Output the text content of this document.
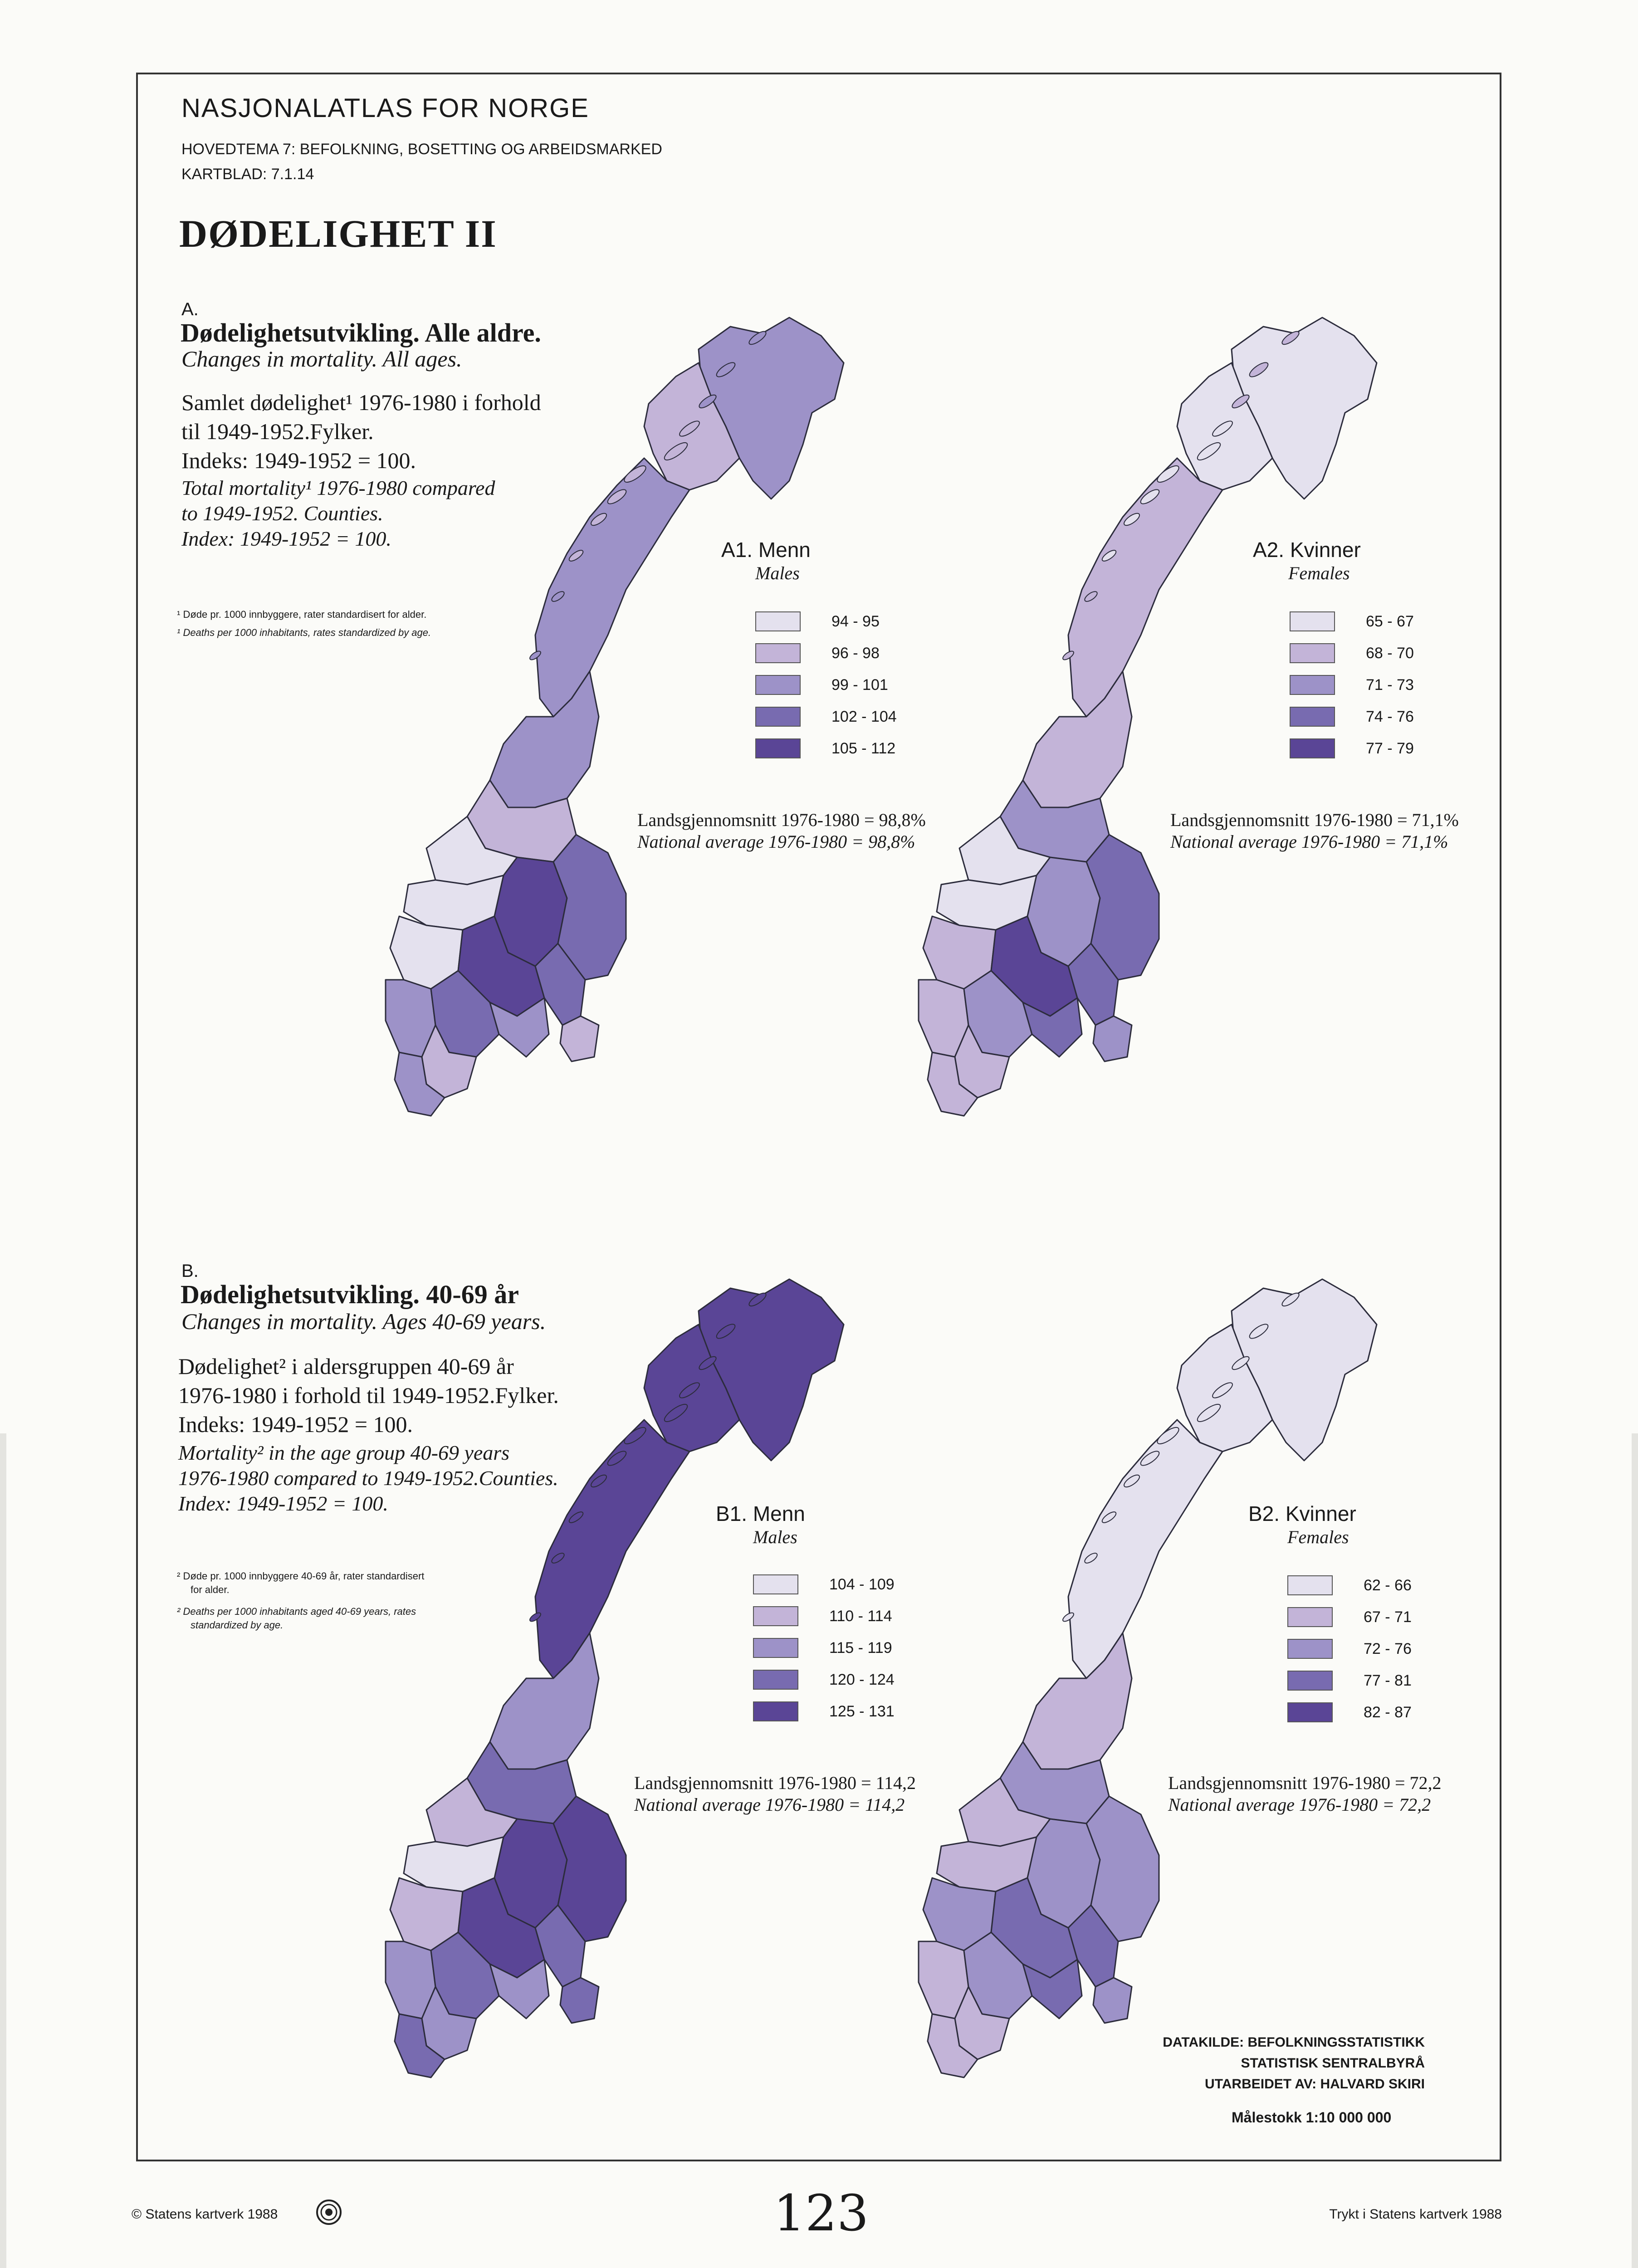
NASJONALATLAS FOR NORGE
HOVEDTEMA 7: BEFOLKNING, BOSETTING OG ARBEIDSMARKED
KARTBLAD: 7.1.14
DØDELIGHET II
A.
Dødelighetsutvikling. Alle aldre.
Changes in mortality. All ages.
Samlet dødelighet¹ 1976-1980 i forhold
til 1949-1952.Fylker.
Indeks: 1949-1952 = 100.
Total mortality¹ 1976-1980 compared
to 1949-1952. Counties.
Index: 1949-1952 = 100.
¹ Døde pr. 1000 innbyggere, rater standardisert for alder.
¹ Deaths per 1000 inhabitants, rates standardized by age.
B.
Dødelighetsutvikling. 40-69 år
Changes in mortality. Ages 40-69 years.
Dødelighet² i aldersgruppen 40-69 år
1976-1980 i forhold til 1949-1952.Fylker.
Indeks: 1949-1952 = 100.
Mortality² in the age group 40-69 years
1976-1980 compared to 1949-1952.Counties.
Index: 1949-1952 = 100.
² Døde pr. 1000 innbyggere 40-69 år, rater standardisert
for alder.
² Deaths per 1000 inhabitants aged 40-69 years, rates
standardized by age.
A1. Menn
Males
94 - 95
96 - 98
99 - 101
102 - 104
105 - 112
Landsgjennomsnitt 1976-1980 = 98,8%
National average 1976-1980 = 98,8%
A2. Kvinner
Females
65 - 67
68 - 70
71 - 73
74 - 76
77 - 79
Landsgjennomsnitt 1976-1980 = 71,1%
National average 1976-1980 = 71,1%
B1. Menn
Males
104 - 109
110 - 114
115 - 119
120 - 124
125 - 131
Landsgjennomsnitt 1976-1980 = 114,2
National average 1976-1980 = 114,2
B2. Kvinner
Females
62 - 66
67 - 71
72 - 76
77 - 81
82 - 87
Landsgjennomsnitt 1976-1980 = 72,2
National average 1976-1980 = 72,2
DATAKILDE: BEFOLKNINGSSTATISTIKK
STATISTISK SENTRALBYRÅ
UTARBEIDET AV: HALVARD SKIRI
Målestokk 1:10 000 000
© Statens kartverk 1988	Trykt i Statens kartverk 1988
123
